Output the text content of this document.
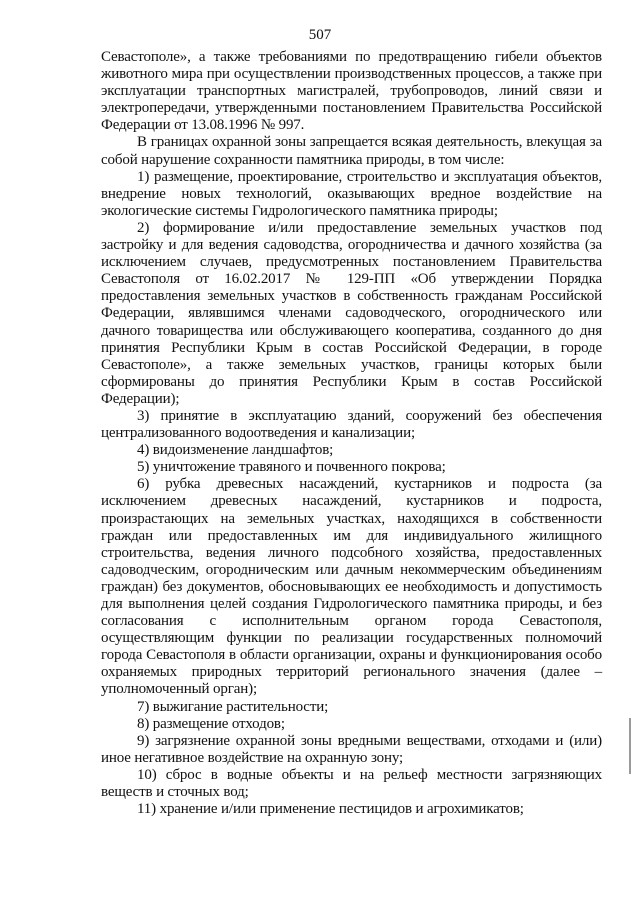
507

Севастополе», а также требованиями по предотвращению гибели объектов животного мира при осуществлении производственных процессов, а также при эксплуатации транспортных магистралей, трубопроводов, линий связи и электропередачи, утвержденными постановлением Правительства Российской Федерации от 13.08.1996 № 997.

В границах охранной зоны запрещается всякая деятельность, влекущая за собой нарушение сохранности памятника природы, в том числе:

1) размещение, проектирование, строительство и эксплуатация объектов, внедрение новых технологий, оказывающих вредное воздействие на экологические системы Гидрологического памятника природы;

2) формирование и/или предоставление земельных участков под застройку и для ведения садоводства, огородничества и дачного хозяйства (за исключением случаев, предусмотренных постановлением Правительства Севастополя от 16.02.2017 № 129-ПП «Об утверждении Порядка предоставления земельных участков в собственность гражданам Российской Федерации, являвшимся членами садоводческого, огороднического или дачного товарищества или обслуживающего кооператива, созданного до дня принятия Республики Крым в состав Российской Федерации, в городе Севастополе», а также земельных участков, границы которых были сформированы до принятия Республики Крым в состав Российской Федерации);

3) принятие в эксплуатацию зданий, сооружений без обеспечения централизованного водоотведения и канализации;

4) видоизменение ландшафтов;

5) уничтожение травяного и почвенного покрова;

6) рубка древесных насаждений, кустарников и подроста (за исключением древесных насаждений, кустарников и подроста, произрастающих на земельных участках, находящихся в собственности граждан или предоставленных им для индивидуального жилищного строительства, ведения личного подсобного хозяйства, предоставленных садоводческим, огородническим или дачным некоммерческим объединениям граждан) без документов, обосновывающих ее необходимость и допустимость для выполнения целей создания Гидрологического памятника природы, и без согласования с исполнительным органом города Севастополя, осуществляющим функции по реализации государственных полномочий города Севастополя в области организации, охраны и функционирования особо охраняемых природных территорий регионального значения (далее – уполномоченный орган);

7) выжигание растительности;

8) размещение отходов;

9) загрязнение охранной зоны вредными веществами, отходами и (или) иное негативное воздействие на охранную зону;

10) сброс в водные объекты и на рельеф местности загрязняющих веществ и сточных вод;

11) хранение и/или применение пестицидов и агрохимикатов;
